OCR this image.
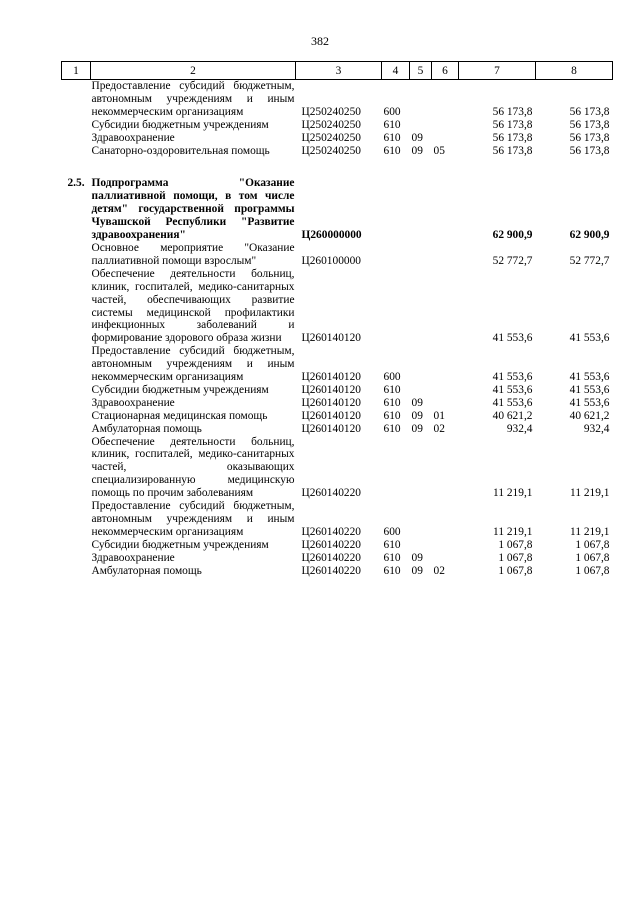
382
1	2	3	4	5	6	7	8
	Предоставление субсидий бюджетным, автономным учреждениям и иным некоммерческим организациям	Ц250240250	600			56 173,8	56 173,8
	Субсидии бюджетным учреждениям	Ц250240250	610			56 173,8	56 173,8
	Здравоохранение	Ц250240250	610	09		56 173,8	56 173,8
	Санаторно-оздоровительная помощь	Ц250240250	610	09	05	56 173,8	56 173,8

2.5.	Подпрограмма "Оказание паллиативной помощи, в том числе детям" государственной программы Чувашской Республики "Развитие здравоохранения"	Ц260000000				62 900,9	62 900,9
	Основное мероприятие "Оказание паллиативной помощи взрослым"	Ц260100000				52 772,7	52 772,7
	Обеспечение деятельности больниц, клиник, госпиталей, медико-санитарных частей, обеспечивающих развитие системы медицинской профилактики инфекционных заболеваний и формирование здорового образа жизни	Ц260140120				41 553,6	41 553,6
	Предоставление субсидий бюджетным, автономным учреждениям и иным некоммерческим организациям	Ц260140120	600			41 553,6	41 553,6
	Субсидии бюджетным учреждениям	Ц260140120	610			41 553,6	41 553,6
	Здравоохранение	Ц260140120	610	09		41 553,6	41 553,6
	Стационарная медицинская помощь	Ц260140120	610	09	01	40 621,2	40 621,2
	Амбулаторная помощь	Ц260140120	610	09	02	932,4	932,4
	Обеспечение деятельности больниц, клиник, госпиталей, медико-санитарных частей, оказывающих специализированную медицинскую помощь по прочим заболеваниям	Ц260140220				11 219,1	11 219,1
	Предоставление субсидий бюджетным, автономным учреждениям и иным некоммерческим организациям	Ц260140220	600			11 219,1	11 219,1
	Субсидии бюджетным учреждениям	Ц260140220	610			1 067,8	1 067,8
	Здравоохранение	Ц260140220	610	09		1 067,8	1 067,8
	Амбулаторная помощь	Ц260140220	610	09	02	1 067,8	1 067,8
